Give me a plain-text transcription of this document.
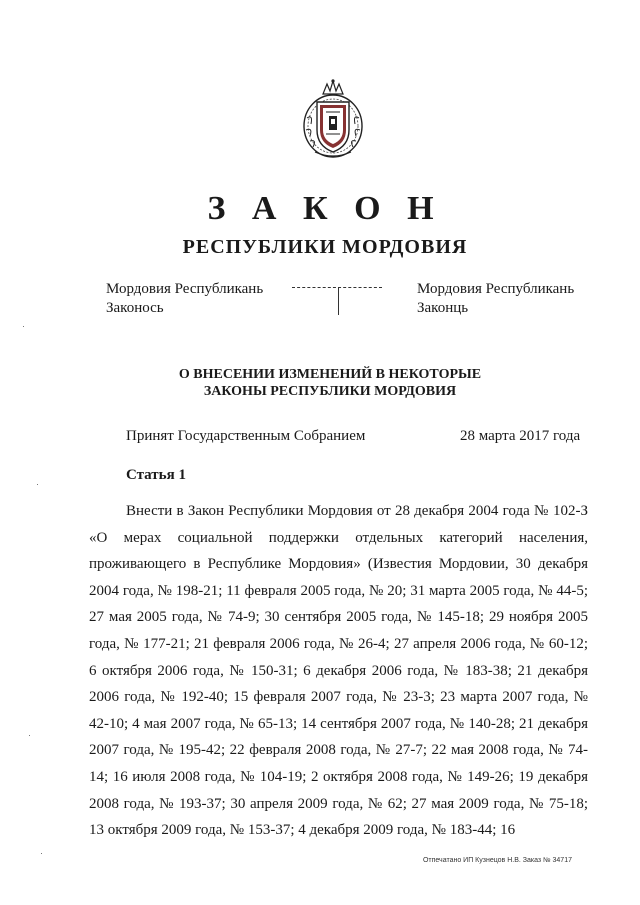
З А К О Н
РЕСПУБЛИКИ МОРДОВИЯ
Мордовия Республикань
Законось
Мордовия Республикань
Законць
О ВНЕСЕНИИ ИЗМЕНЕНИЙ В НЕКОТОРЫЕ
ЗАКОНЫ РЕСПУБЛИКИ МОРДОВИЯ
Принят Государственным Собранием	28 марта 2017 года
Статья 1
Внести в Закон Республики Мордовия от 28 декабря 2004 года № 102-З «О мерах социальной поддержки отдельных категорий населения, проживающего в Республике Мордовия» (Известия Мордовии, 30 декабря 2004 года, № 198-21; 11 февраля 2005 года, № 20; 31 марта 2005 года, № 44-5; 27 мая 2005 года, № 74-9; 30 сентября 2005 года, № 145-18; 29 ноября 2005 года, № 177-21; 21 февраля 2006 года, № 26-4; 27 апреля 2006 года, № 60-12; 6 октября 2006 года, № 150-31; 6 декабря 2006 года, № 183-38; 21 декабря 2006 года, № 192-40; 15 февраля 2007 года, № 23-3; 23 марта 2007 года, № 42-10; 4 мая 2007 года, № 65-13; 14 сентября 2007 года, № 140-28; 21 декабря 2007 года, № 195-42; 22 февраля 2008 года, № 27-7; 22 мая 2008 года, № 74-14; 16 июля 2008 года, № 104-19; 2 октября 2008 года, № 149-26; 19 декабря 2008 года, № 193-37; 30 апреля 2009 года, № 62; 27 мая 2009 года, № 75-18; 13 октября 2009 года, № 153-37; 4 декабря 2009 года, № 183-44; 16
Отпечатано ИП Кузнецов Н.В. Заказ № 34717
